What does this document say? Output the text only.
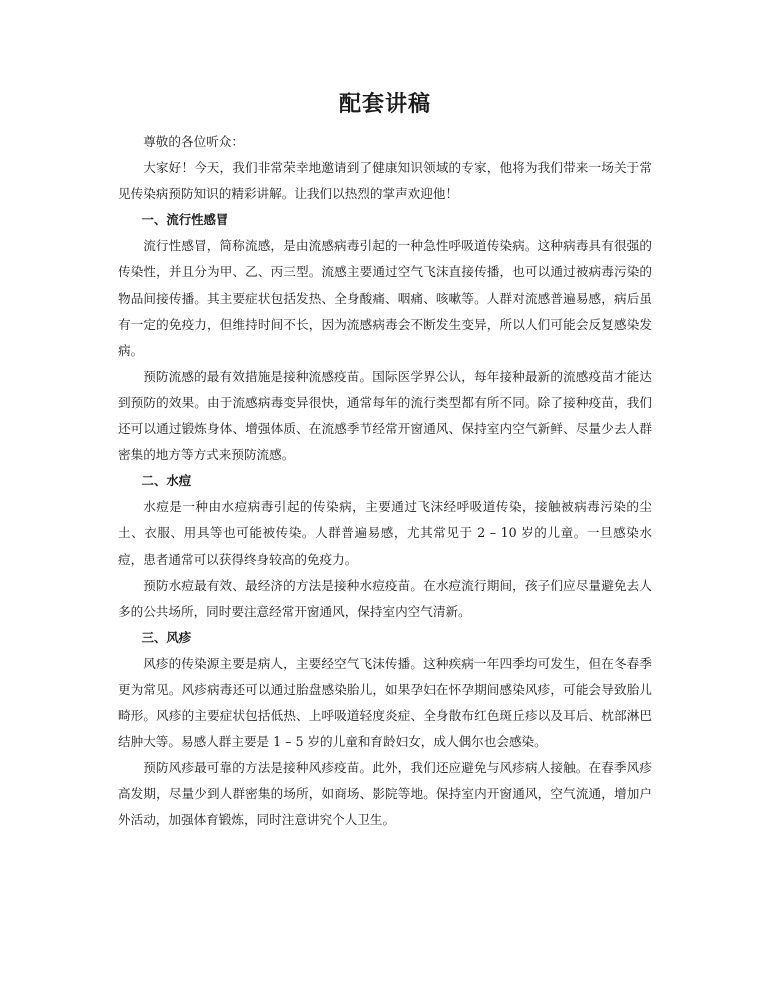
配套讲稿

尊敬的各位听众：

大家好！今天，我们非常荣幸地邀请到了健康知识领域的专家，他将为我们带来一场关于常见传染病预防知识的精彩讲解。让我们以热烈的掌声欢迎他！

一、流行性感冒

流行性感冒，简称流感，是由流感病毒引起的一种急性呼吸道传染病。这种病毒具有很强的传染性，并且分为甲、乙、丙三型。流感主要通过空气飞沫直接传播，也可以通过被病毒污染的物品间接传播。其主要症状包括发热、全身酸痛、咽痛、咳嗽等。人群对流感普遍易感，病后虽有一定的免疫力，但维持时间不长，因为流感病毒会不断发生变异，所以人们可能会反复感染发病。

预防流感的最有效措施是接种流感疫苗。国际医学界公认，每年接种最新的流感疫苗才能达到预防的效果。由于流感病毒变异很快，通常每年的流行类型都有所不同。除了接种疫苗，我们还可以通过锻炼身体、增强体质、在流感季节经常开窗通风、保持室内空气新鲜、尽量少去人群密集的地方等方式来预防流感。

二、水痘

水痘是一种由水痘病毒引起的传染病，主要通过飞沫经呼吸道传染，接触被病毒污染的尘土、衣服、用具等也可能被传染。人群普遍易感，尤其常见于 2 – 10 岁的儿童。一旦感染水痘，患者通常可以获得终身较高的免疫力。

预防水痘最有效、最经济的方法是接种水痘疫苗。在水痘流行期间，孩子们应尽量避免去人多的公共场所，同时要注意经常开窗通风，保持室内空气清新。

三、风疹

风疹的传染源主要是病人，主要经空气飞沫传播。这种疾病一年四季均可发生，但在冬春季更为常见。风疹病毒还可以通过胎盘感染胎儿，如果孕妇在怀孕期间感染风疹，可能会导致胎儿畸形。风疹的主要症状包括低热、上呼吸道轻度炎症、全身散布红色斑丘疹以及耳后、枕部淋巴结肿大等。易感人群主要是 1 – 5 岁的儿童和育龄妇女，成人偶尔也会感染。

预防风疹最可靠的方法是接种风疹疫苗。此外，我们还应避免与风疹病人接触。在春季风疹高发期，尽量少到人群密集的场所，如商场、影院等地。保持室内开窗通风，空气流通，增加户外活动，加强体育锻炼，同时注意讲究个人卫生。
